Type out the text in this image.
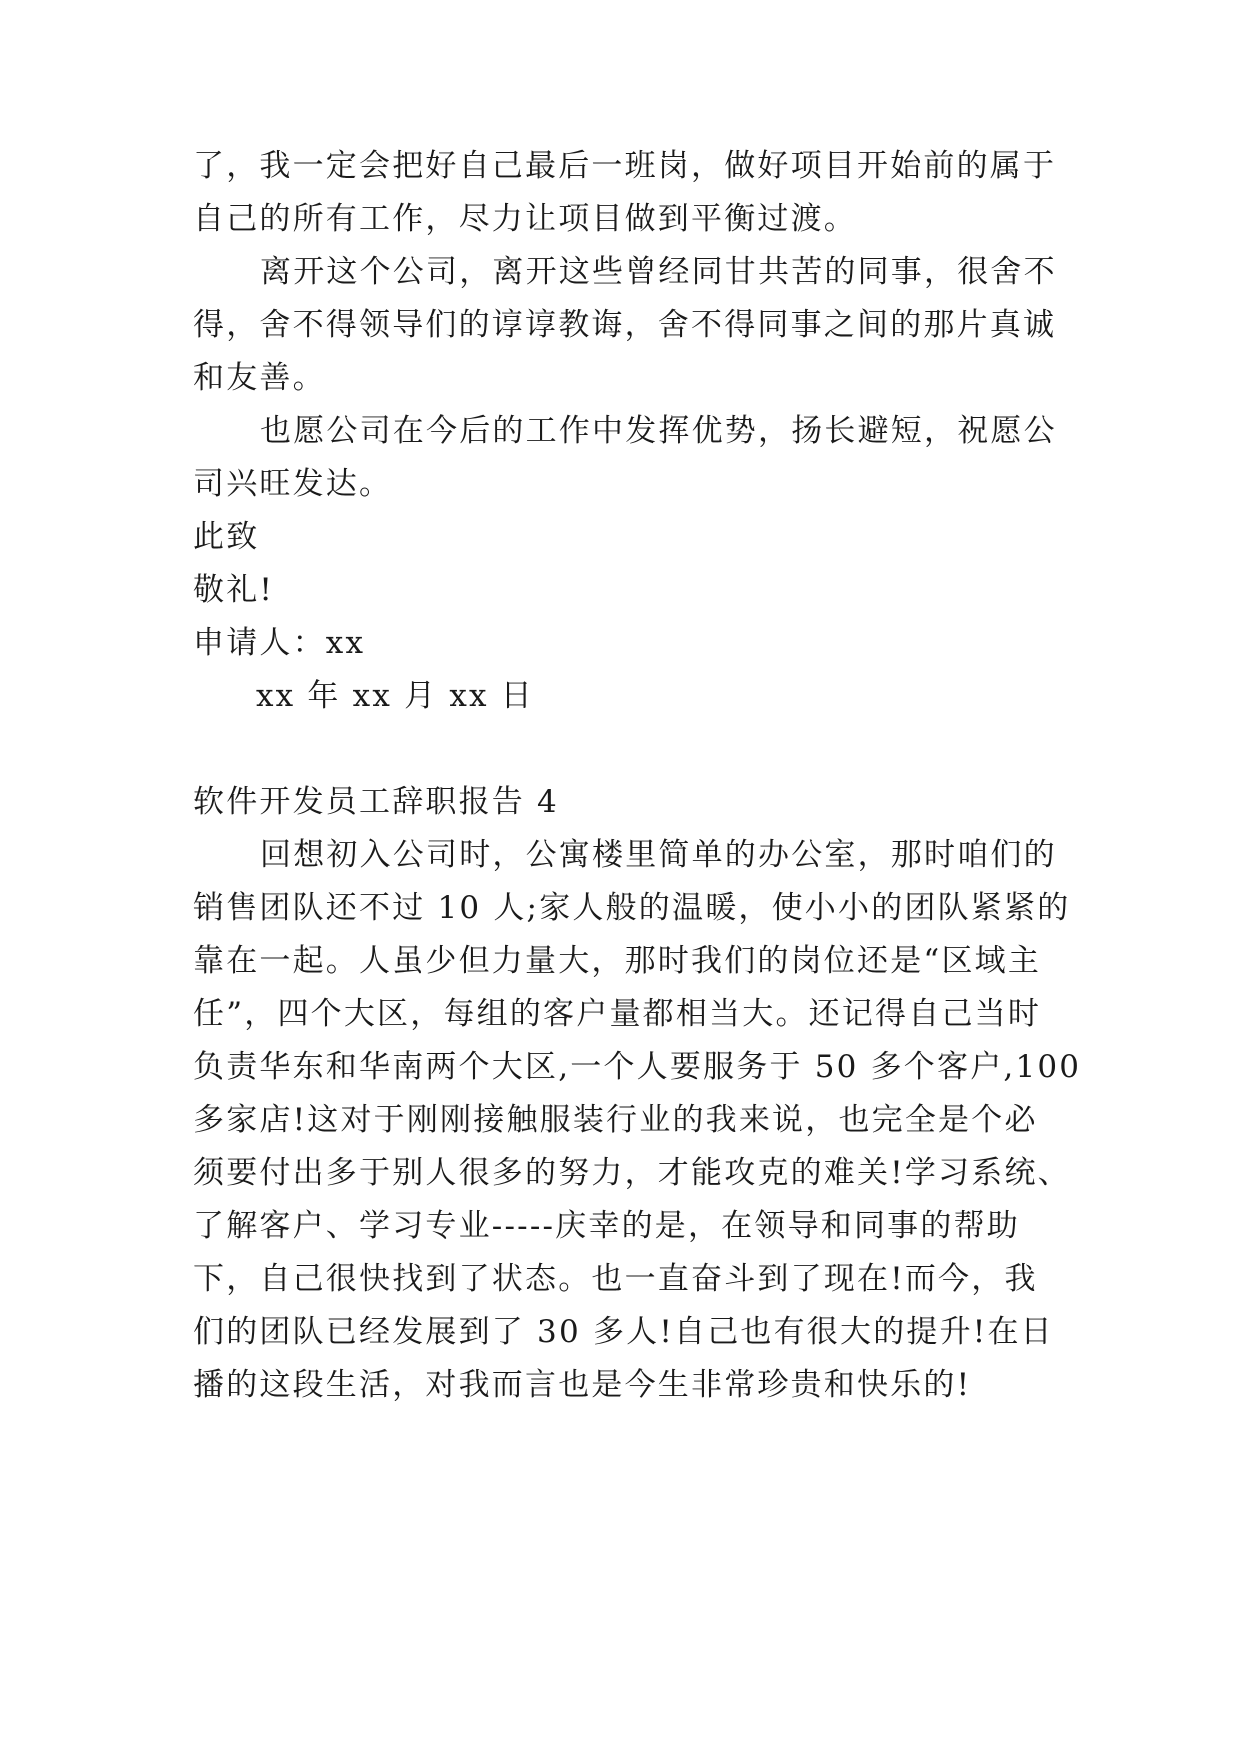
了，我一定会把好自己最后一班岗，做好项目开始前的属于
自己的所有工作，尽力让项目做到平衡过渡。
离开这个公司，离开这些曾经同甘共苦的同事，很舍不
得，舍不得领导们的谆谆教诲，舍不得同事之间的那片真诚
和友善。
也愿公司在今后的工作中发挥优势，扬长避短，祝愿公
司兴旺发达。
此致
敬礼!
申请人：xx
xx 年 xx 月 xx 日
软件开发员工辞职报告 4
回想初入公司时，公寓楼里简单的办公室，那时咱们的
销售团队还不过 10 人;家人般的温暖，使小小的团队紧紧的
靠在一起。人虽少但力量大，那时我们的岗位还是“区域主
任”，四个大区，每组的客户量都相当大。还记得自己当时
负责华东和华南两个大区,一个人要服务于 50 多个客户,100
多家店!这对于刚刚接触服装行业的我来说，也完全是个必
须要付出多于别人很多的努力，才能攻克的难关!学习系统、
了解客户、学习专业-----庆幸的是，在领导和同事的帮助
下，自己很快找到了状态。也一直奋斗到了现在!而今，我
们的团队已经发展到了 30 多人!自己也有很大的提升!在日
播的这段生活，对我而言也是今生非常珍贵和快乐的!
